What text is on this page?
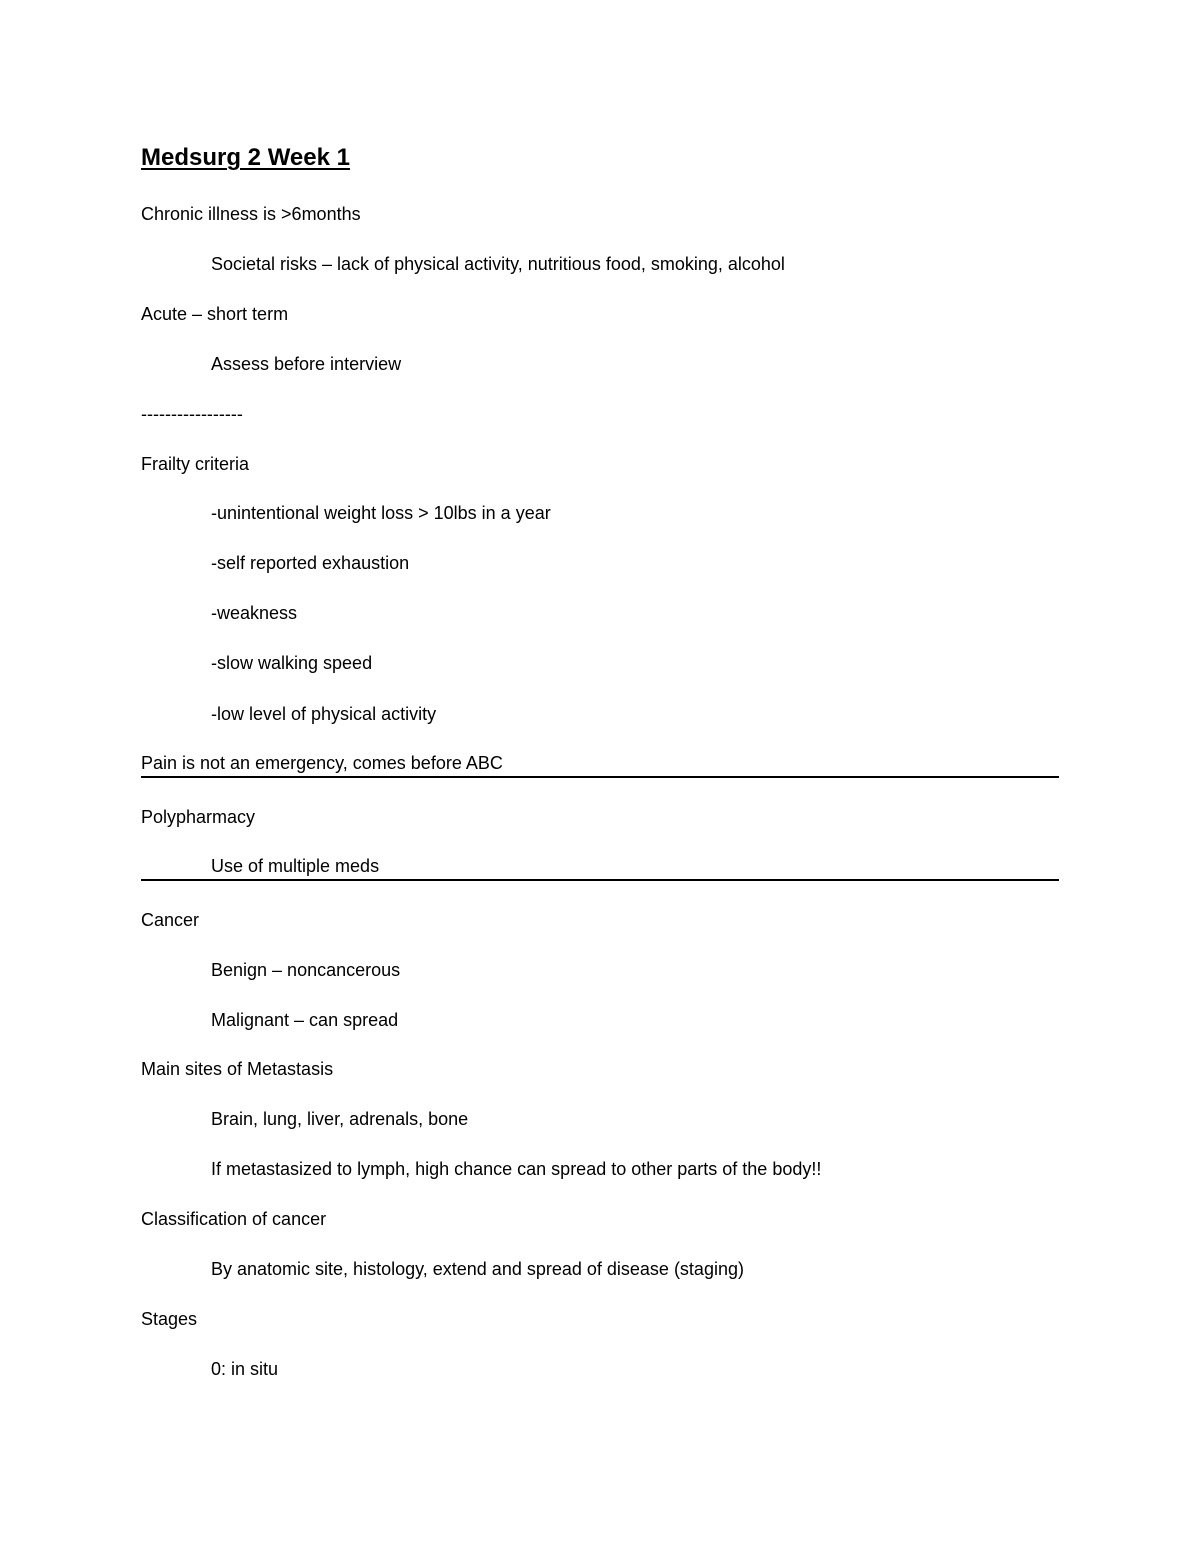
Medsurg 2 Week 1
Chronic illness is >6months
Societal risks – lack of physical activity, nutritious food, smoking, alcohol
Acute – short term
Assess before interview
-----------------
Frailty criteria
-unintentional weight loss > 10lbs in a year
-self reported exhaustion
-weakness
-slow walking speed
-low level of physical activity
Pain is not an emergency, comes before ABC
Polypharmacy
Use of multiple meds
Cancer
Benign – noncancerous
Malignant – can spread
Main sites of Metastasis
Brain, lung, liver, adrenals, bone
If metastasized to lymph, high chance can spread to other parts of the body!!
Classification of cancer
By anatomic site, histology, extend and spread of disease (staging)
Stages
0: in situ
